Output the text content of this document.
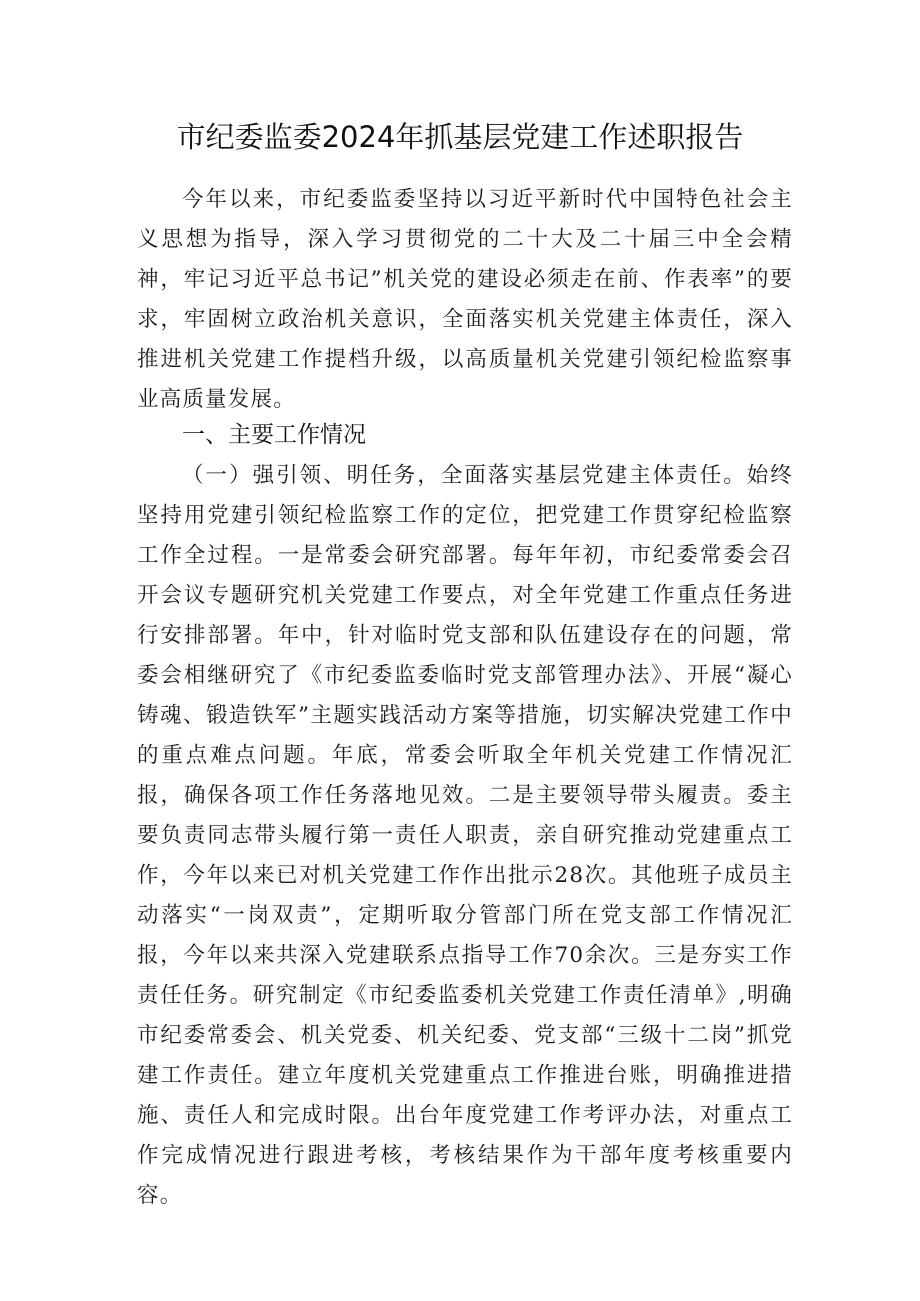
市纪委监委2024年抓基层党建工作述职报告
今年以来，市纪委监委坚持以习近平新时代中国特色社会主义思想为指导，深入学习贯彻党的二十大及二十届三中全会精神，牢记习近平总书记”机关党的建设必须走在前、作表率”的要求，牢固树立政治机关意识，全面落实机关党建主体责任，深入推进机关党建工作提档升级，以高质量机关党建引领纪检监察事业高质量发展。
一、主要工作情况
（一）强引领、明任务，全面落实基层党建主体责任。始终坚持用党建引领纪检监察工作的定位，把党建工作贯穿纪检监察工作全过程。一是常委会研究部署。每年年初，市纪委常委会召开会议专题研究机关党建工作要点，对全年党建工作重点任务进行安排部署。年中，针对临时党支部和队伍建设存在的问题，常委会相继研究了《市纪委监委临时党支部管理办法》、开展“凝心铸魂、锻造铁军”主题实践活动方案等措施，切实解决党建工作中的重点难点问题。年底，常委会听取全年机关党建工作情况汇报，确保各项工作任务落地见效。二是主要领导带头履责。委主要负责同志带头履行第一责任人职责，亲自研究推动党建重点工作，今年以来已对机关党建工作作出批示28次。其他班子成员主动落实“一岗双责”，定期听取分管部门所在党支部工作情况汇报，今年以来共深入党建联系点指导工作70余次。三是夯实工作责任任务。研究制定《市纪委监委机关党建工作责任清单》,明确市纪委常委会、机关党委、机关纪委、党支部“三级十二岗”抓党建工作责任。建立年度机关党建重点工作推进台账，明确推进措施、责任人和完成时限。出台年度党建工作考评办法，对重点工作完成情况进行跟进考核，考核结果作为干部年度考核重要内容。
